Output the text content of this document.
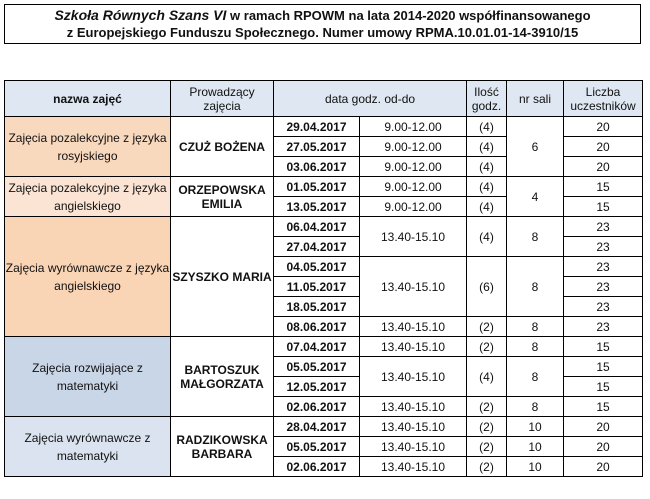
Szkoła Równych Szans VI w ramach RPOWM na lata 2014-2020 współfinansowanego
z Europejskiego Funduszu Społecznego. Numer umowy RPMA.10.01.01-14-3910/15
nazwa zajęć	Prowadzący zajęcia	data godz. od-do		Ilość godz.	nr sali	Liczba uczestników
Zajęcia pozalekcyjne z języka rosyjskiego	CZUŻ BOŻENA	29.04.2017	9.00-12.00	(4)	6	20
		27.05.2017	9.00-12.00	(4)		20
		03.06.2017	9.00-12.00	(4)		20
Zajęcia pozalekcyjne z języka angielskiego	ORZEPOWSKA EMILIA	01.05.2017	9.00-12.00	(4)	4	15
		13.05.2017	9.00-12.00	(4)		15
Zajęcia wyrównawcze z języka angielskiego	SZYSZKO MARIA	06.04.2017	13.40-15.10	(4)	8	23
		27.04.2017				23
		04.05.2017	13.40-15.10	(6)	8	23
		11.05.2017				23
		18.05.2017				23
		08.06.2017	13.40-15.10	(2)	8	23
Zajęcia rozwijające z matematyki	BARTOSZUK MAŁGORZATA	07.04.2017	13.40-15.10	(2)	8	15
		05.05.2017	13.40-15.10	(4)	8	15
		12.05.2017				15
		02.06.2017	13.40-15.10	(2)	8	15
Zajęcia wyrównawcze z matematyki	RADZIKOWSKA BARBARA	28.04.2017	13.40-15.10	(2)	10	20
		05.05.2017	13.40-15.10	(2)	10	20
		02.06.2017	13.40-15.10	(2)	10	20
